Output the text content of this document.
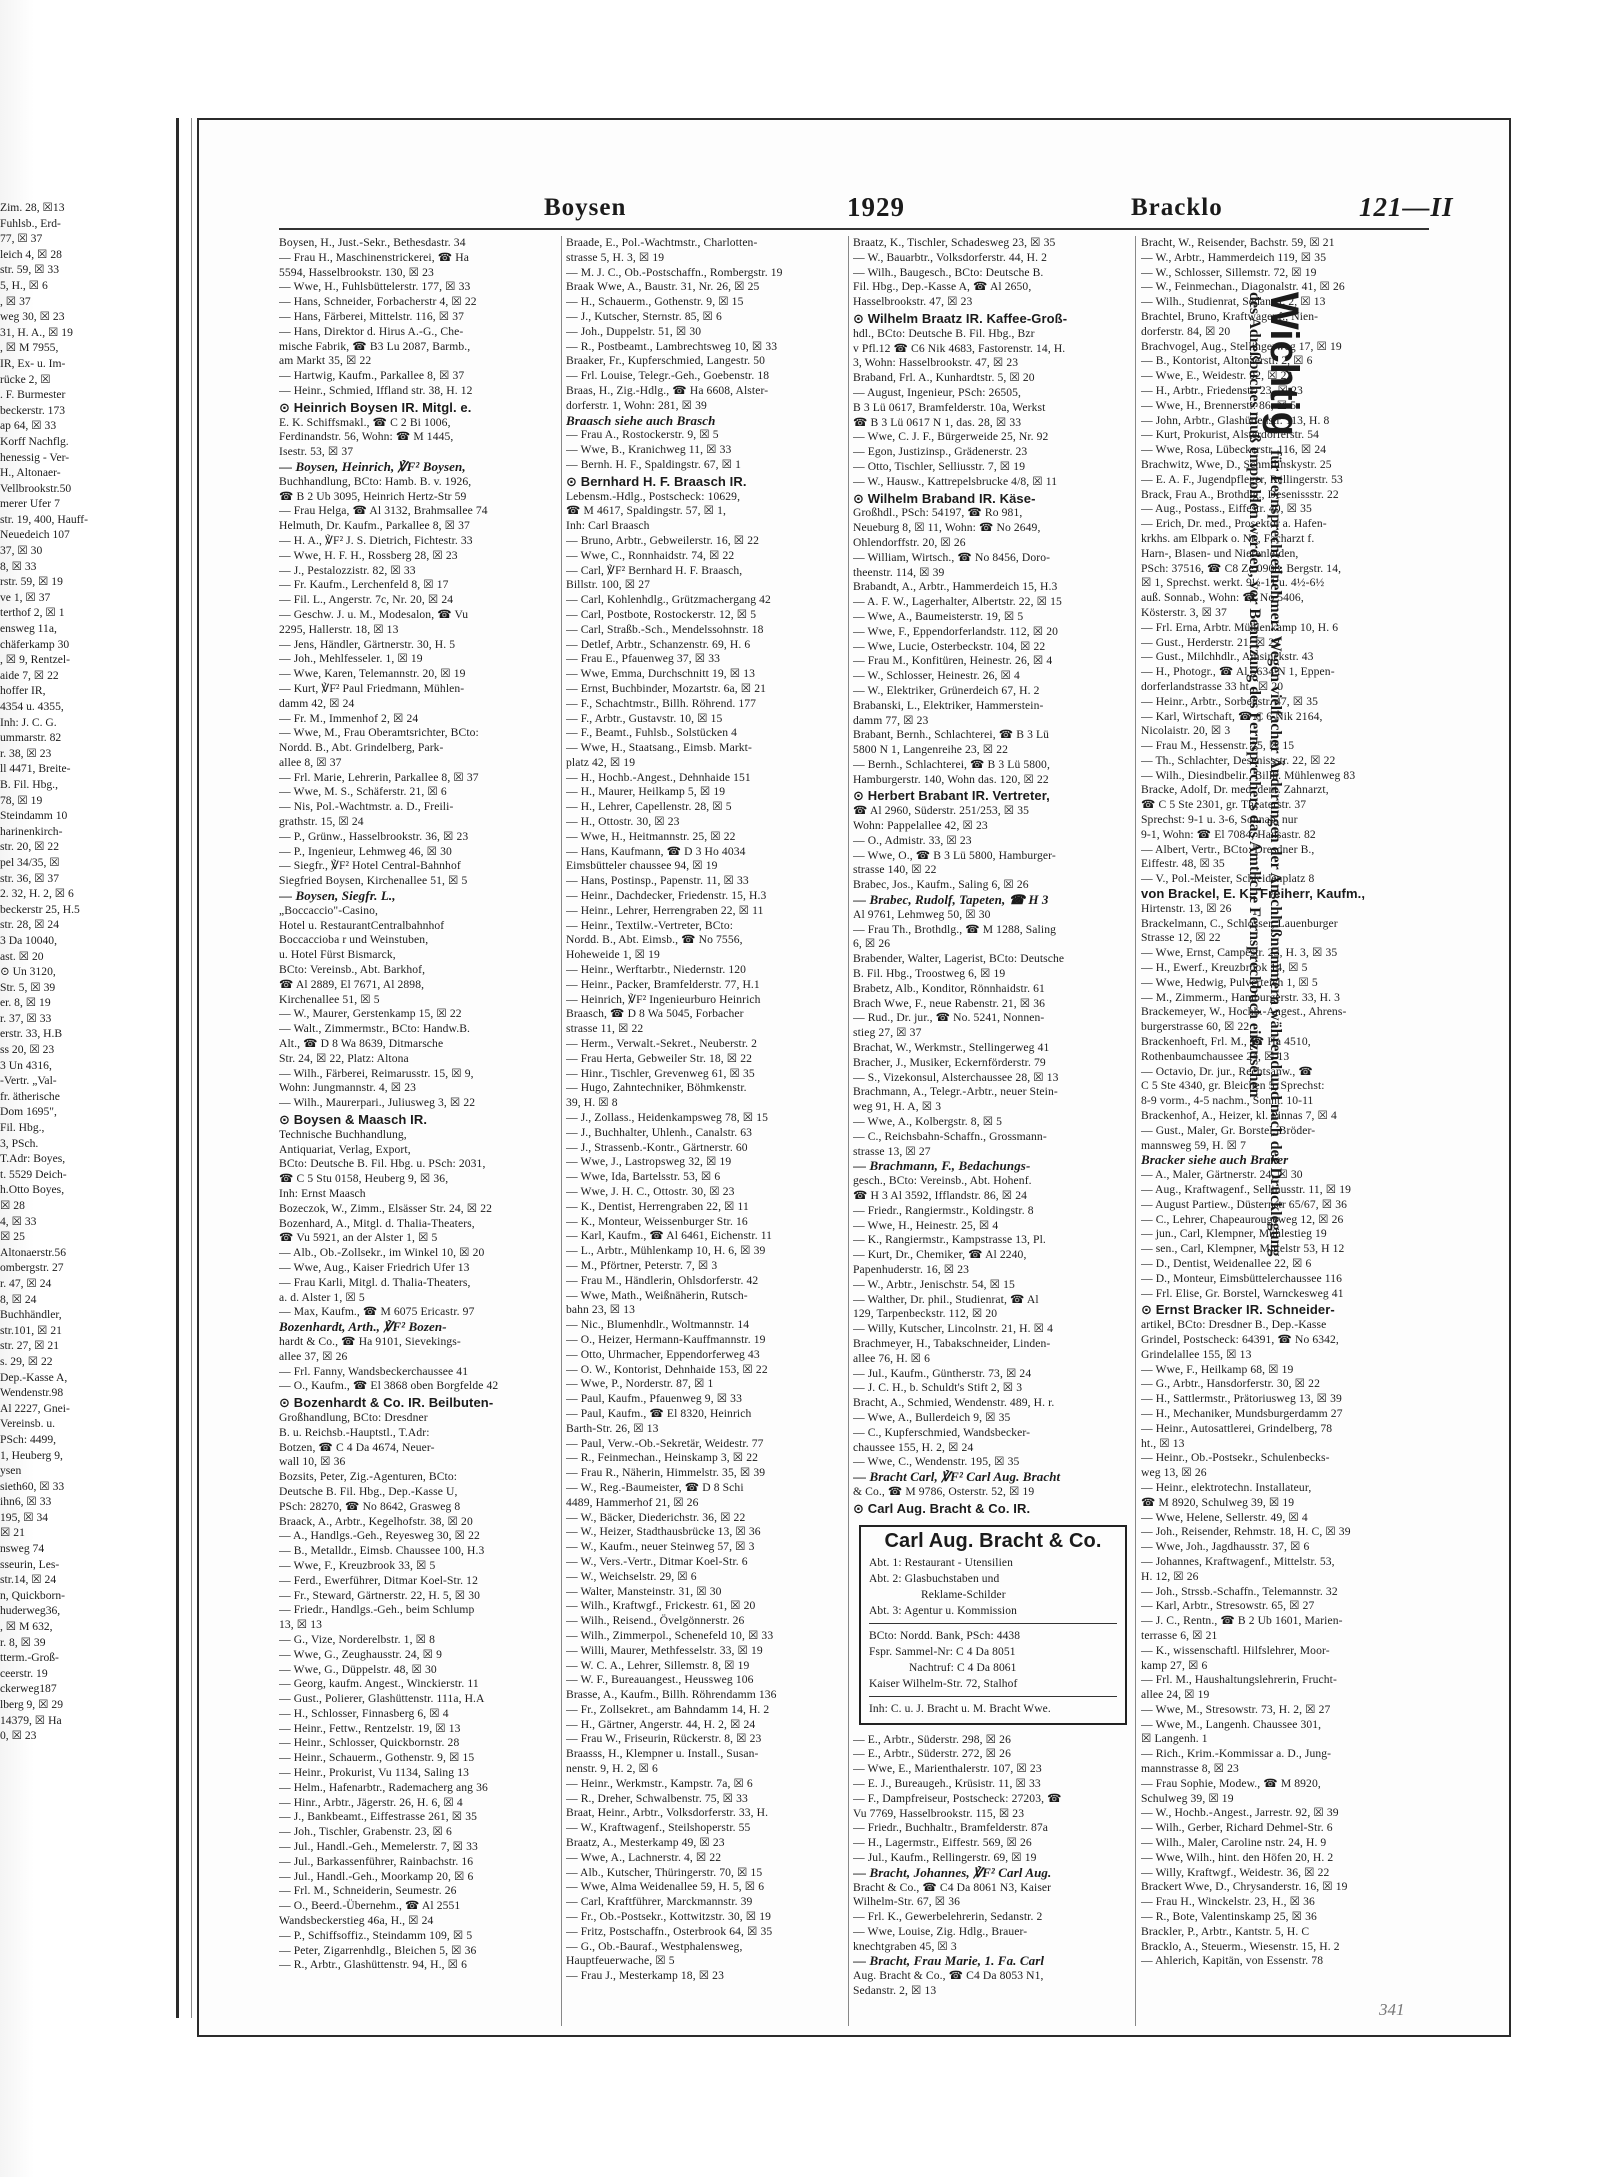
Zim. 28, ☒13
Fuhlsb., Erd-
77, ☒ 37
leich 4, ☒ 28
str. 59, ☒ 33
5, H., ☒ 6
, ☒ 37
weg 30, ☒ 23
31, H. A., ☒ 19
, ☒ M 7955,
IR, Ex- u. Im-
rücke 2, ☒
. F. Burmester
beckerstr. 173
ap 64, ☒ 33
Korff Nachflg.
henessig - Ver-
H., Altonaer-
Vellbrookstr.50
merer Ufer 7
str. 19, 400, Hauff-
Neuedeich 107
37, ☒ 30
8, ☒ 33
rstr. 59, ☒ 19
ve 1, ☒ 37
terthof 2, ☒ 1
ensweg 11a,
chäferkamp 30
, ☒ 9, Rentzel-
aide 7, ☒ 22
hoffer IR,
4354 u. 4355,
Inh: J. C. G.
ummarstr. 82
r. 38, ☒ 23
ll 4471, Breite-
B. Fil. Hbg.,
78, ☒ 19
Steindamm 10
harinenkirch-
str. 20, ☒ 22
pel 34/35, ☒
str. 36, ☒ 37
2. 32, H. 2, ☒ 6
beckerstr 25, H.5
str. 28, ☒ 24
3 Da 10040,
ast. ☒ 20
⊙ Un 3120,
Str. 5, ☒ 39
er. 8, ☒ 19
r. 37, ☒ 33
erstr. 33, H.B
ss 20, ☒ 23
3 Un 4316,
-Vertr. „Val-
fr. ätherische
Dom 1695",
Fil. Hbg.,
3, PSch.
T.Adr: Boyes,
t. 5529 Deich-
h.Otto Boyes,
☒ 28
4, ☒ 33
☒ 25
Altonaerstr.56
ombergstr. 27
r. 47, ☒ 24
8, ☒ 24
Buchhändler,
str.101, ☒ 21
str. 27, ☒ 21
s. 29, ☒ 22
Dep.-Kasse A,
Wendenstr.98
Al 2227, Gnei-
Vereinsb. u.
PSch: 4499,
1, Heuberg 9,
ysen
sieth60, ☒ 33
ihn6, ☒ 33
195, ☒ 34
☒ 21
nsweg 74
sseurin, Les-
str.14, ☒ 24
n, Quickborn-
huderweg36,
, ☒ M 632,
r. 8, ☒ 39
tterm.-Groß-
ceerstr. 19
ckerweg187
lberg 9, ☒ 29
14379, ☒ Ha
0, ☒ 23
Boysen	1929	Bracklo	121—II
Boysen, H., Just.-Sekr., Bethesdastr. 34
— Frau H., Maschinenstrickerei, ☎ Ha
5594, Hasselbrookstr. 130, ☒ 23
— Wwe, H., Fuhlsbüttelerstr. 177, ☒ 33
— Hans, Schneider, Forbacherstr 4, ☒ 22
— Hans, Färberei, Mittelstr. 116, ☒ 37
— Hans, Direktor d. Hirus A.-G., Che-
mische Fabrik, ☎ B3 Lu 2087, Barmb.,
am Markt 35, ☒ 22
— Hartwig, Kaufm., Parkallee 8, ☒ 37
— Heinr., Schmied, Iffland str. 38, H. 12
⊙ Heinrich Boysen IR. Mitgl. e.
E. K. Schiffsmakl., ☎ C 2 Bi 1006,
Ferdinandstr. 56, Wohn: ☎ M 1445,
Isestr. 53, ☒ 37
— Boysen, Heinrich, ℣F² Boysen,
Buchhandlung, BCto: Hamb. B. v. 1926,
☎ B 2 Ub 3095, Heinrich Hertz-Str 59
— Frau Helga, ☎ Al 3132, Brahmsallee 74
Helmuth, Dr. Kaufm., Parkallee 8, ☒ 37
— H. A., ℣F² J. S. Dietrich, Fichtestr. 33
— Wwe, H. F. H., Rossberg 28, ☒ 23
— J., Pestalozzistr. 82, ☒ 33
— Fr. Kaufm., Lerchenfeld 8, ☒ 17
— Fil. L., Angerstr. 7c, Nr. 20, ☒ 24
— Geschw. J. u. M., Modesalon, ☎ Vu
2295, Hallerstr. 18, ☒ 13
— Jens, Händler, Gärtnerstr. 30, H. 5
— Joh., Mehlfesseler. 1, ☒ 19
— Wwe, Karen, Telemannstr. 20, ☒ 19
— Kurt, ℣F² Paul Friedmann, Mühlen-
damm 42, ☒ 24
— Fr. M., Immenhof 2, ☒ 24
— Wwe, M., Frau Oberamtsrichter, BCto:
Nordd. B., Abt. Grindelberg, Park-
allee 8, ☒ 37
— Frl. Marie, Lehrerin, Parkallee 8, ☒ 37
— Wwe, M. S., Schäferstr. 21, ☒ 6
— Nis, Pol.-Wachtmstr. a. D., Freili-
grathstr. 15, ☒ 24
— P., Grünw., Hasselbrookstr. 36, ☒ 23
— P., Ingenieur, Lehmweg 46, ☒ 30
— Siegfr., ℣F² Hotel Central-Bahnhof
Siegfried Boysen, Kirchenallee 51, ☒ 5
— Boysen, Siegfr. L.,
„Boccaccio"-Casino,
Hotel u. RestaurantCentralbahnhof
Boccaccioba r und Weinstuben,
u. Hotel Fürst Bismarck,
BCto: Vereinsb., Abt. Barkhof,
☎ Al 2889, El 7671, Al 2898,
Kirchenallee 51, ☒ 5
— W., Maurer, Gerstenkamp 15, ☒ 22
— Walt., Zimmermstr., BCto: Handw.B.
Alt., ☎ D 8 Wa 8639, Ditmarsche
Str. 24, ☒ 22, Platz: Altona
— Wilh., Färberei, Reimarusstr. 15, ☒ 9,
Wohn: Jungmannstr. 4, ☒ 23
— Wilh., Maurerpari., Juliusweg 3, ☒ 22
⊙ Boysen & Maasch IR.
Technische Buchhandlung,
Antiquariat, Verlag, Export,
BCto: Deutsche B. Fil. Hbg. u. PSch: 2031,
☎ C 5 Stu 0158, Heuberg 9, ☒ 36,
Inh: Ernst Maasch
Bozeczok, W., Zimm., Elsässer Str. 24, ☒ 22
Bozenhard, A., Mitgl. d. Thalia-Theaters,
☎ Vu 5921, an der Alster 1, ☒ 5
— Alb., Ob.-Zollsekr., im Winkel 10, ☒ 20
— Wwe, Aug., Kaiser Friedrich Ufer 13
— Frau Karli, Mitgl. d. Thalia-Theaters,
a. d. Alster 1, ☒ 5
— Max, Kaufm., ☎ M 6075 Ericastr. 97
Bozenhardt, Arth., ℣F² Bozen-
hardt & Co., ☎ Ha 9101, Sievekings-
allee 37, ☒ 26
— Frl. Fanny, Wandsbeckerchaussee 41
— O., Kaufm., ☎ El 3868 oben Borgfelde 42
⊙ Bozenhardt & Co. IR. Beilbuten-
Großhandlung, BCto: Dresdner
B. u. Reichsb.-Hauptstl., T.Adr:
Botzen, ☎ C 4 Da 4674, Neuer-
wall 10, ☒ 36
Bozsits, Peter, Zig.-Agenturen, BCto:
Deutsche B. Fil. Hbg., Dep.-Kasse U,
PSch: 28270, ☎ No 8642, Grasweg 8
Braack, A., Arbtr., Kegelhofstr. 38, ☒ 20
— A., Handlgs.-Geh., Reyesweg 30, ☒ 22
— B., Metalldr., Eimsb. Chaussee 100, H.3
— Wwe, F., Kreuzbrook 33, ☒ 5
— Ferd., Ewerführer, Ditmar Koel-Str. 12
— Fr., Steward, Gärtnerstr. 22, H. 5, ☒ 30
— Friedr., Handlgs.-Geh., beim Schlump
13, ☒ 13
— G., Vize, Norderelbstr. 1, ☒ 8
— Wwe, G., Zeughausstr. 24, ☒ 9
— Wwe, G., Düppelstr. 48, ☒ 30
— Georg, kaufm. Angest., Winckierstr. 11
— Gust., Polierer, Glashüttenstr. 111a, H.A
— H., Schlosser, Finnasberg 6, ☒ 4
— Heinr., Fettw., Rentzelstr. 19, ☒ 13
— Heinr., Schlosser, Quickbornstr. 28
— Heinr., Schauerm., Gothenstr. 9, ☒ 15
— Heinr., Prokurist, Vu 1134, Saling 13
— Helm., Hafenarbtr., Rademacherg ang 36
— Hinr., Arbtr., Jägerstr. 26, H. 6, ☒ 4
— J., Bankbeamt., Eiffestrasse 261, ☒ 35
— Joh., Tischler, Grabenstr. 23, ☒ 6
— Jul., Handl.-Geh., Memelerstr. 7, ☒ 33
— Jul., Barkassenführer, Rainbachstr. 16
— Jul., Handl.-Geh., Moorkamp 20, ☒ 6
— Frl. M., Schneiderin, Seumestr. 26
— O., Beerd.-Übernehm., ☎ Al 2551
Wandsbeckerstieg 46a, H., ☒ 24
— P., Schiffsoffiz., Steindamm 109, ☒ 5
— Peter, Zigarrenhdlg., Bleichen 5, ☒ 36
— R., Arbtr., Glashüttenstr. 94, H., ☒ 6
Braade, E., Pol.-Wachtmstr., Charlotten-
strasse 5, H. 3, ☒ 19
— M. J. C., Ob.-Postschaffn., Rombergstr. 19
Braak Wwe, A., Baustr. 31, Nr. 26, ☒ 25
— H., Schauerm., Gothenstr. 9, ☒ 15
— J., Kutscher, Sternstr. 85, ☒ 6
— Joh., Duppelstr. 51, ☒ 30
— R., Postbeamt., Lambrechtsweg 10, ☒ 33
Braaker, Fr., Kupferschmied, Langestr. 50
— Frl. Louise, Telegr.-Geh., Goebenstr. 18
Braas, H., Zig.-Hdlg., ☎ Ha 6608, Alster-
dorferstr. 1, Wohn: 281, ☒ 39
Braasch siehe auch Brasch
— Frau A., Rostockerstr. 9, ☒ 5
— Wwe, B., Kranichweg 11, ☒ 33
— Bernh. H. F., Spaldingstr. 67, ☒ 1
⊙ Bernhard H. F. Braasch IR.
Lebensm.-Hdlg., Postscheck: 10629,
☎ M 4617, Spaldingstr. 57, ☒ 1,
Inh: Carl Braasch
— Bruno, Arbtr., Gebweilerstr. 16, ☒ 22
— Wwe, C., Ronnhaidstr. 74, ☒ 22
— Carl, ℣F² Bernhard H. F. Braasch,
Billstr. 100, ☒ 27
— Carl, Kohlenhdlg., Grützmachergang 42
— Carl, Postbote, Rostockerstr. 12, ☒ 5
— Carl, Straßb.-Sch., Mendelssohnstr. 18
— Detlef, Arbtr., Schanzenstr. 69, H. 6
— Frau E., Pfauenweg 37, ☒ 33
— Wwe, Emma, Durchschnitt 19, ☒ 13
— Ernst, Buchbinder, Mozartstr. 6a, ☒ 21
— F., Schachtmstr., Billh. Röhrend. 177
— F., Arbtr., Gustavstr. 10, ☒ 15
— F., Beamt., Fuhlsb., Solstücken 4
— Wwe, H., Staatsang., Eimsb. Markt-
platz 42, ☒ 19
— H., Hochb.-Angest., Dehnhaide 151
— H., Maurer, Heilkamp 5, ☒ 19
— H., Lehrer, Capellenstr. 28, ☒ 5
— H., Ottostr. 30, ☒ 23
— Wwe, H., Heitmannstr. 25, ☒ 22
— Hans, Kaufmann, ☎ D 3 Ho 4034
Eimsbütteler chaussee 94, ☒ 19
— Hans, Postinsp., Papenstr. 11, ☒ 33
— Heinr., Dachdecker, Friedenstr. 15, H.3
— Heinr., Lehrer, Herrengraben 22, ☒ 11
— Heinr., Textilw.-Vertreter, BCto:
Nordd. B., Abt. Eimsb., ☎ No 7556,
Hoheweide 1, ☒ 19
— Heinr., Werftarbtr., Niedernstr. 120
— Heinr., Packer, Bramfelderstr. 77, H.1
— Heinrich, ℣F² Ingenieurburo Heinrich
Braasch, ☎ D 8 Wa 5045, Forbacher
strasse 11, ☒ 22
— Herm., Verwalt.-Sekret., Neuberstr. 2
— Frau Herta, Gebweiler Str. 18, ☒ 22
— Hinr., Tischler, Grevenweg 61, ☒ 35
— Hugo, Zahntechniker, Böhmkenstr.
39, H. ☒ 8
— J., Zollass., Heidenkampsweg 78, ☒ 15
— J., Buchhalter, Uhlenh., Canalstr. 63
— J., Strassenb.-Kontr., Gärtnerstr. 60
— Wwe, J., Lastropsweg 32, ☒ 19
— Wwe, Ida, Bartelsstr. 53, ☒ 6
— Wwe, J. H. C., Ottostr. 30, ☒ 23
— K., Dentist, Herrengraben 22, ☒ 11
— K., Monteur, Weissenburger Str. 16
— Karl, Kaufm., ☎ Al 6461, Eichenstr. 11
— L., Arbtr., Mühlenkamp 10, H. 6, ☒ 39
— M., Pförtner, Peterstr. 7, ☒ 3
— Frau M., Händlerin, Ohlsdorferstr. 42
— Wwe, Math., Weißnäherin, Rutsch-
bahn 23, ☒ 13
— Nic., Blumenhdlr., Woltmannstr. 14
— O., Heizer, Hermann-Kauffmannstr. 19
— Otto, Uhrmacher, Eppendorferweg 43
— O. W., Kontorist, Dehnhaide 153, ☒ 22
— Wwe, P., Norderstr. 87, ☒ 1
— Paul, Kaufm., Pfauenweg 9, ☒ 33
— Paul, Kaufm., ☎ El 8320, Heinrich
Barth-Str. 26, ☒ 13
— Paul, Verw.-Ob.-Sekretär, Weidestr. 77
— R., Feinmechan., Heinskamp 3, ☒ 22
— Frau R., Näherin, Himmelstr. 35, ☒ 39
— W., Reg.-Baumeister, ☎ D 8 Schi
4489, Hammerhof 21, ☒ 26
— W., Bäcker, Diederichstr. 36, ☒ 22
— W., Heizer, Stadthausbrücke 13, ☒ 36
— W., Kaufm., neuer Steinweg 57, ☒ 3
— W., Vers.-Vertr., Ditmar Koel-Str. 6
— W., Weichselstr. 29, ☒ 6
— Walter, Mansteinstr. 31, ☒ 30
— Wilh., Kraftwgf., Frickestr. 61, ☒ 20
— Wilh., Reisend., Övelgönnerstr. 26
— Wilh., Zimmerpol., Schenefeld 10, ☒ 33
— Willi, Maurer, Methfesselstr. 33, ☒ 19
— W. C. A., Lehrer, Sillemstr. 8, ☒ 19
— W. F., Bureauangest., Heussweg 106
Brasse, A., Kaufm., Billh. Röhrendamm 136
— Fr., Zollsekret., am Bahndamm 14, H. 2
— H., Gärtner, Angerstr. 44, H. 2, ☒ 24
— Frau W., Friseurin, Rückerstr. 8, ☒ 23
Braasss, H., Klempner u. Install., Susan-
nenstr. 9, H. 2, ☒ 6
— Heinr., Werkmstr., Kampstr. 7a, ☒ 6
— R., Dreher, Schwalbenstr. 75, ☒ 33
Braat, Heinr., Arbtr., Volksdorferstr. 33, H.
— W., Kraftwagenf., Steilshoperstr. 55
Braatz, A., Mesterkamp 49, ☒ 23
— Wwe, A., Lachnerstr. 4, ☒ 22
— Alb., Kutscher, Thüringerstr. 70, ☒ 15
— Wwe, Alma Weidenallee 59, H. 5, ☒ 6
— Carl, Kraftführer, Marckmannstr. 39
— Fr., Ob.-Postsekr., Kottwitzstr. 30, ☒ 19
— Fritz, Postschaffn., Osterbrook 64, ☒ 35
— G., Ob.-Bauraf., Westphalensweg,
Hauptfeuerwache, ☒ 5
— Frau J., Mesterkamp 18, ☒ 23
Braatz, K., Tischler, Schadesweg 23, ☒ 35
— W., Bauarbtr., Volksdorferstr. 44, H. 2
— Wilh., Baugesch., BCto: Deutsche B.
Fil. Hbg., Dep.-Kasse A, ☎ Al 2650,
Hasselbrookstr. 47, ☒ 23
⊙ Wilhelm Braatz IR. Kaffee-Groß-
hdl., BCto: Deutsche B. Fil. Hbg., Bzr
v Pfl.12 ☎ C6 Nik 4683, Fastorenstr. 14, H.
3, Wohn: Hasselbrookstr. 47, ☒ 23
Braband, Frl. A., Kunhardtstr. 5, ☒ 20
— August, Ingenieur, PSch: 26505,
B 3 Lü 0617, Bramfelderstr. 10a, Werkst
☎ B 3 Lü 0617 N 1, das. 28, ☒ 33
— Wwe, C. J. F., Bürgerweide 25, Nr. 92
— Egon, Justizinsp., Grädenerstr. 23
— Otto, Tischler, Selliusstr. 7, ☒ 19
— W., Hausw., Kattrepelsbrucke 4/8, ☒ 11
⊙ Wilhelm Braband IR. Käse-
Großhdl., PSch: 54197, ☎ Ro 981,
Neueburg 8, ☒ 11, Wohn: ☎ No 2649,
Ohlendorffstr. 20, ☒ 26
— William, Wirtsch., ☎ No 8456, Doro-
theenstr. 114, ☒ 39
Brabandt, A., Arbtr., Hammerdeich 15, H.3
— A. F. W., Lagerhalter, Albertstr. 22, ☒ 15
— Wwe, A., Baumeisterstr. 19, ☒ 5
— Wwe, F., Eppendorferlandstr. 112, ☒ 20
— Wwe, Lucie, Osterbeckstr. 104, ☒ 22
— Frau M., Konfitüren, Heinestr. 26, ☒ 4
— W., Schlosser, Heinestr. 26, ☒ 4
— W., Elektriker, Grünerdeich 67, H. 2
Brabanski, L., Elektriker, Hammerstein-
damm 77, ☒ 23
Brabant, Bernh., Schlachterei, ☎ B 3 Lü
5800 N 1, Langenreihe 23, ☒ 22
— Bernh., Schlachterei, ☎ B 3 Lü 5800,
Hamburgerstr. 140, Wohn das. 120, ☒ 22
⊙ Herbert Brabant IR. Vertreter,
☎ Al 2960, Süderstr. 251/253, ☒ 35
Wohn: Pappelallee 42, ☒ 23
— O., Admistr. 33, ☒ 23
— Wwe, O., ☎ B 3 Lü 5800, Hamburger-
strasse 140, ☒ 22
Brabec, Jos., Kaufm., Saling 6, ☒ 26
— Brabec, Rudolf, Tapeten, ☎ H 3
Al 9761, Lehmweg 50, ☒ 30
— Frau Th., Brothdlg., ☎ M 1288, Saling
6, ☒ 26
Brabender, Walter, Lagerist, BCto: Deutsche
B. Fil. Hbg., Troostweg 6, ☒ 19
Brabetz, Alb., Konditor, Rönnhaidstr. 61
Brach Wwe, F., neue Rabenstr. 21, ☒ 36
— Rud., Dr. jur., ☎ No. 5241, Nonnen-
stieg 27, ☒ 37
Brachat, W., Werkmstr., Stellingerweg 41
Bracher, J., Musiker, Eckernförderstr. 79
— S., Vizekonsul, Alsterchaussee 28, ☒ 13
Brachmann, A., Telegr.-Arbtr., neuer Stein-
weg 91, H. A, ☒ 3
— Wwe, A., Kolbergstr. 8, ☒ 5
— C., Reichsbahn-Schaffn., Grossmann-
strasse 13, ☒ 27
— Brachmann, F., Bedachungs-
gesch., BCto: Vereinsb., Abt. Hohenf.
☎ H 3 Al 3592, Ifflandstr. 86, ☒ 24
— Friedr., Rangiermstr., Koldingstr. 8
— Wwe, H., Heinestr. 25, ☒ 4
— K., Rangiermstr., Kampstrasse 13, Pl.
— Kurt, Dr., Chemiker, ☎ Al 2240,
Papenhuderstr. 16, ☒ 23
— W., Arbtr., Jenischstr. 54, ☒ 15
— Walther, Dr. phil., Studienrat, ☎ Al
129, Tarpenbeckstr. 112, ☒ 20
— Willy, Kutscher, Lincolnstr. 21, H. ☒ 4
Brachmeyer, H., Tabakschneider, Linden-
allee 76, H. ☒ 6
— Jul., Kaufm., Güntherstr. 73, ☒ 24
— J. C. H., b. Schuldt's Stift 2, ☒ 3
Bracht, A., Schmied, Wendenstr. 489, H. r.
— Wwe, A., Bullerdeich 9, ☒ 35
— C., Kupferschmied, Wandsbecker-
chaussee 155, H. 2, ☒ 24
— Wwe, C., Wendenstr. 195, ☒ 35
— Bracht Carl, ℣F² Carl Aug. Bracht
& Co., ☎ M 9786, Osterstr. 52, ☒ 19
⊙ Carl Aug. Bracht & Co. IR.
Carl Aug. Bracht & Co.
Abt. 1: Restaurant - Utensilien
Abt. 2: Glasbuchstaben und
Reklame-Schilder
Abt. 3: Agentur u. Kommission
BCto: Nordd. Bank, PSch: 4438
Fspr. Sammel-Nr: C 4 Da 8051
Nachtruf: C 4 Da 8061
Kaiser Wilhelm-Str. 72, Stalhof
Inh: C. u. J. Bracht u. M. Bracht Wwe.
— E., Arbtr., Süderstr. 298, ☒ 26
— E., Arbtr., Süderstr. 272, ☒ 26
— Wwe, E., Marienthalerstr. 107, ☒ 23
— E. J., Bureaugeh., Krüsistr. 11, ☒ 33
— F., Dampfreiseur, Postscheck: 27203, ☎
Vu 7769, Hasselbrookstr. 115, ☒ 23
— Friedr., Buchhaltr., Bramfelderstr. 87a
— H., Lagermstr., Eiffestr. 569, ☒ 26
— Jul., Kaufm., Rellingerstr. 69, ☒ 19
— Bracht, Johannes, ℣F² Carl Aug.
Bracht & Co., ☎ C4 Da 8061 N3, Kaiser
Wilhelm-Str. 67, ☒ 36
— Frl. K., Gewerbelehrerin, Sedanstr. 2
— Wwe, Louise, Zig. Hdlg., Brauer-
knechtgraben 45, ☒ 3
— Bracht, Frau Marie, 1. Fa. Carl
Aug. Bracht & Co., ☎ C4 Da 8053 N1,
Sedanstr. 2, ☒ 13
Bracht, W., Reisender, Bachstr. 59, ☒ 21
— W., Arbtr., Hammerdeich 119, ☒ 35
— W., Schlosser, Sillemstr. 72, ☒ 19
— W., Feinmechan., Diagonalstr. 41, ☒ 26
— Wilh., Studienrat, Sedanstr. 2, ☒ 13
Brachtel, Bruno, Kraftwagenf., Nien-
dorferstr. 84, ☒ 20
Brachvogel, Aug., Stellingerweg 17, ☒ 19
— B., Kontorist, Altonaerstr. 2, ☒ 6
— Wwe, E., Weidestr. 92, ☒ 22
— H., Arbtr., Friedenstr. 23, ☒ 23
— Wwe, H., Brennerstr. 86, ☒ 5
— John, Arbtr., Glashüttenstr. 113, H. 8
— Kurt, Prokurist, Alsterdorferstr. 54
— Wwe, Rosa, Lübeckerstr. 116, ☒ 24
Brachwitz, Wwe, D., Schmilinskystr. 25
— E. A. F., Jugendpfleger, Rellingerstr. 53
Brack, Frau A., Brothdlg., Desenissstr. 22
— Aug., Postass., Eiffestr. 40, ☒ 35
— Erich, Dr. med., Prosektor a. Hafen-
krkhs. am Elbpark o. Nr., Facharzt f.
Harn-, Blasen- und Nierenleiden,
PSch: 37516, ☎ C8 Ze 0908, Bergstr. 14,
☒ 1, Sprechst. werkt. 9½-11 u. 4½-6½
auß. Sonnab., Wohn: ☎ No 5406,
Kösterstr. 3, ☒ 37
— Frl. Erna, Arbtr. Mühlenkamp 10, H. 6
— Gust., Herderstr. 21, ☒ 22
— Gust., Milchhdlr., Amsinckstr. 43
— H., Photogr., ☎ Al 5634 N 1, Eppen-
dorferlandstrasse 33 ht., ☒ 20
— Heinr., Arbtr., Sorbenstr. 47, ☒ 35
— Karl, Wirtschaft, ☎ C 6 Nik 2164,
Nicolaistr. 20, ☒ 3
— Frau M., Hessenstr. 25, ☒ 15
— Th., Schlachter, Desenissstr. 22, ☒ 22
— Wilh., Diesindbelir., Billh. Mühlenweg 83
Bracke, Adolf, Dr. med. dent. Zahnarzt,
☎ C 5 Ste 2301, gr. Theaterstr. 37
Sprechst: 9-1 u. 3-6, Sonnab. nur
9-1, Wohn: ☎ El 7084, Hansastr. 82
— Albert, Vertr., BCto: Dresdner B.,
Eiffestr. 48, ☒ 35
— V., Pol.-Meister, Schleidenplatz 8
von Brackel, E. K., Freiherr, Kaufm.,
Hirtenstr. 13, ☒ 26
Brackelmann, C., Schlosser, Lauenburger
Strasse 12, ☒ 22
— Wwe, Ernst, Campestr. 23, H. 3, ☒ 35
— H., Ewerf., Kreuzbrook 14, ☒ 5
— Wwe, Hedwig, Pulverteich 1, ☒ 5
— M., Zimmerm., Hamburgerstr. 33, H. 3
Brackemeyer, W., Hochb.-Angest., Ahrens-
burgerstrasse 60, ☒ 22
Brackenhoeft, Frl. M., ☎ Ha 4510,
Rothenbaumchaussee 24, ☒ 13
— Octavio, Dr. jur., Rechtsanw., ☎
C 5 Ste 4340, gr. Bleichen 5, Sprechst:
8-9 vorm., 4-5 nachm., Sonnt. 10-11
Brackenhof, A., Heizer, kl. Pinnas 7, ☒ 4
— Gust., Maler, Gr. Borstel, Bröder-
mannsweg 59, H. ☒ 7
Bracker siehe auch Braker
— A., Maler, Gärtnerstr. 24, ☒ 30
— Aug., Kraftwagenf., Sellinusstr. 11, ☒ 19
— August Partiew., Düsternstr 65/67, ☒ 36
— C., Lehrer, Chapeaurougeweg 12, ☒ 26
— jun., Carl, Klempner, Mühlestieg 19
— sen., Carl, Klempner, Mittelstr 53, H 12
— D., Dentist, Weidenallee 22, ☒ 6
— D., Monteur, Eimsbüttelerchaussee 116
— Frl. Elise, Gr. Borstel, Warnckesweg 41
⊙ Ernst Bracker IR. Schneider-
artikel, BCto: Dresdner B., Dep.-Kasse
Grindel, Postscheck: 64391, ☎ No 6342,
Grindelallee 155, ☒ 13
— Wwe, F., Heilkamp 68, ☒ 19
— G., Arbtr., Hansdorferstr. 30, ☒ 22
— H., Sattlermstr., Prätoriusweg 13, ☒ 39
— H., Mechaniker, Mundsburgerdamm 27
— Heinr., Autosattlerei, Grindelberg, 78
ht., ☒ 13
— Heinr., Ob.-Postsekr., Schulenbecks-
weg 13, ☒ 26
— Heinr., elektrotechn. Installateur,
☎ M 8920, Schulweg 39, ☒ 19
— Wwe, Helene, Sellerstr. 49, ☒ 4
— Joh., Reisender, Rehmstr. 18, H. C, ☒ 39
— Wwe, Joh., Jagdhausstr. 37, ☒ 6
— Johannes, Kraftwagenf., Mittelstr. 53,
H. 12, ☒ 26
— Joh., Strssb.-Schaffn., Telemannstr. 32
— Karl, Arbtr., Stresowstr. 65, ☒ 27
— J. C., Rentn., ☎ B 2 Ub 1601, Marien-
terrasse 6, ☒ 21
— K., wissenschaftl. Hilfslehrer, Moor-
kamp 27, ☒ 6
— Frl. M., Haushaltungslehrerin, Frucht-
allee 24, ☒ 19
— Wwe, M., Stresowstr. 73, H. 2, ☒ 27
— Wwe, M., Langenh. Chaussee 301,
☒ Langenh. 1
— Rich., Krim.-Kommissar a. D., Jung-
mannstrasse 8, ☒ 23
— Frau Sophie, Modew., ☎ M 8920,
Schulweg 39, ☒ 19
— W., Hochb.-Angest., Jarrestr. 92, ☒ 39
— Wilh., Gerber, Richard Dehmel-Str. 6
— Wilh., Maler, Caroline nstr. 24, H. 9
— Wwe, Wilh., hint. den Höfen 20, H. 2
— Willy, Kraftwgf., Weidestr. 36, ☒ 22
Brackert Wwe, D., Chrysanderstr. 16, ☒ 19
— Frau H., Winckelstr. 23, H., ☒ 36
— R., Bote, Valentinskamp 25, ☒ 36
Brackler, P., Arbtr., Kantstr. 5, H. C
Bracklo, A., Steuerm., Wiesenstr. 15, H. 2
— Ahlerich, Kapitän, von Essenstr. 78
341
Wichtig für Fernsprechteilnehmer: Wegen vielfacher Änderungen der Anschlußnummern während und nach der Drucklegung
des Adreßbuches muß empfohlen werden, vor Benutzung des Fernsprechers das Amtliche Fernsprechbuch einzusehen
